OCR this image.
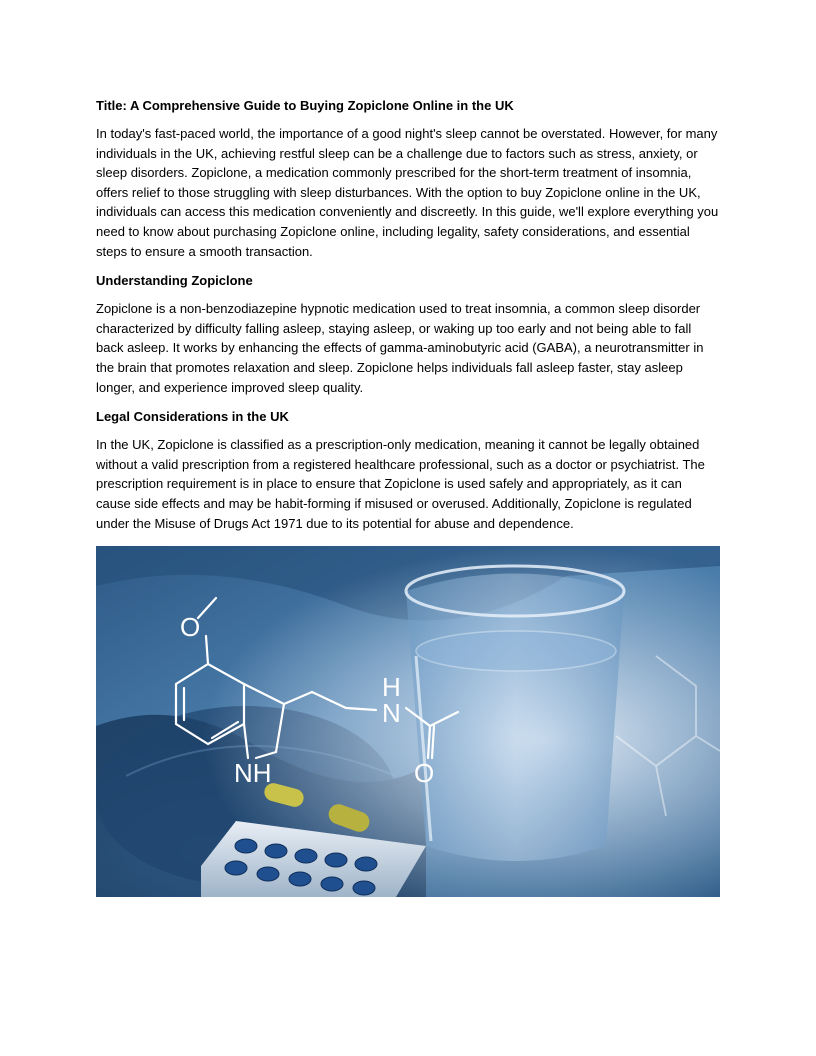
Title: A Comprehensive Guide to Buying Zopiclone Online in the UK

In today's fast-paced world, the importance of a good night's sleep cannot be overstated. However, for many individuals in the UK, achieving restful sleep can be a challenge due to factors such as stress, anxiety, or sleep disorders. Zopiclone, a medication commonly prescribed for the short-term treatment of insomnia, offers relief to those struggling with sleep disturbances. With the option to buy Zopiclone online in the UK, individuals can access this medication conveniently and discreetly. In this guide, we'll explore everything you need to know about purchasing Zopiclone online, including legality, safety considerations, and essential steps to ensure a smooth transaction.

Understanding Zopiclone

Zopiclone is a non-benzodiazepine hypnotic medication used to treat insomnia, a common sleep disorder characterized by difficulty falling asleep, staying asleep, or waking up too early and not being able to fall back asleep. It works by enhancing the effects of gamma-aminobutyric acid (GABA), a neurotransmitter in the brain that promotes relaxation and sleep. Zopiclone helps individuals fall asleep faster, stay asleep longer, and experience improved sleep quality.

Legal Considerations in the UK

In the UK, Zopiclone is classified as a prescription-only medication, meaning it cannot be legally obtained without a valid prescription from a registered healthcare professional, such as a doctor or psychiatrist. The prescription requirement is in place to ensure that Zopiclone is used safely and appropriately, as it can cause side effects and may be habit-forming if misused or overused. Additionally, Zopiclone is regulated under the Misuse of Drugs Act 1971 due to its potential for abuse and dependence.

O
NH
H
N
O
